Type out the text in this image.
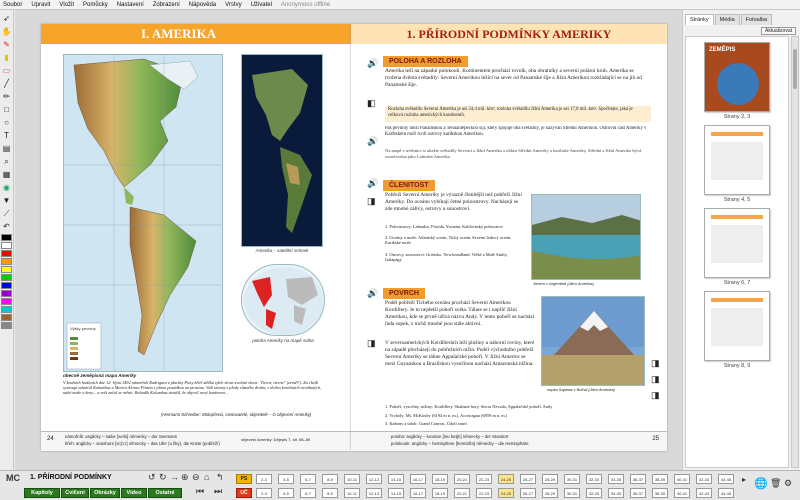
Soubor Upravit Vložit Pomůcky Nastavení Zobrazení Nápověda Vrstvy Uživatel Anonymous offline
➶
✋
✎
▮
▭
╱
✏
□
○
T
▤
⌕
▦
◉
▼
⟋
↶
I. AMERIKA
Výšky pevniny
Amerika – satelitní snímek
poloha Ameriky na mapě světa
obecně zeměpisná mapa Ameriky
V kruhách hodinách dne 12. října 1492 námořník Rodriguez z plachty Pinty křičí ztěžka tyhle slova zvolání slova: 'Tierra, tierra!' (země!!). Za chvíli vystoupí admirál Kolumbus a Martin Alonso Pinzón s plnou posádkou na pevninu. Vidí stromy s plody různého druhu, v těchto končinách nevídaných, nahé muže a ženy... a svět začal se měnit. Bohudík Kolumbus netušil, že objevil nový kontinent...
(Hermann Schreiber: Motopřevci, cestovatelé, objevitelé – O objevení Ameriky)
24	námořník: anglicky – sailor [seilə] německy – der Seemann
břeh: anglicky – seashore [si:ʃɔ:r] německy – das Ufer (u fiky), die Küste (pobřeží)
objevení Ameriky: Dějepis 7, str. 58–69
1. PŘÍRODNÍ PODMÍNKY AMERIKY
🔊
◧
🔊
🔊
◨
🔊
◨
◨
◨
◨
POLOHA A ROZLOHA
Amerika leží na západní polokouli. Kontinentem prochází rovník, oba obratníky a severní polární kruh. Amerika se tvořena dvěma světadíly: Severní Amerikou ležící na sever od Panamské šíje a Jižní Amerikou rozkládající se na jih od Panamské šíje.
Rozloha světadílu Severní Amerika je asi 24,4 mil. km², rozloha světadílu Jižní Amerika je asi 17,8 mil. km². Spočítejte, jaká je celková rozloha amerických kontinentů.
Pás pevniny mezi Panamskou a Tehuantepeckou šíjí, který spojuje oba světadíly, je nazýván Střední Amerikou. Ostrovní část Ameriky v Karibském moři tvoří ostrovy karibskou Amerikou.
Na mapě v učebnici si ukažte světadíly Severní a Jižní Amerika a oblast Střední Ameriky a karibské Ameriky. Střední a Jižní Amerika bývá označována jako Latinská Amerika.
ČLENITOST
Pobřeží Severní Ameriky je výrazně členitější než pobřeží Jižní Ameriky. Do oceánu vybíhají četné poloostrovy. Nacházejí se zde mnohé zálivy, ostrovy a souostroví.
1. Poloostrovy: Labrador, Florida, Yucatán, Kalifornský poloostrov
2. Oceány a moře: Atlantský oceán, Tichý oceán, Severní ledový oceán, Karibské moře
3. Ostrovy, souostroví: Grónsko, Newfoundland, Velké a Malé Antily, Galapágy
Jezero v Argentině (Jižní Amerika)
POVRCH
Podél pobřeží Tichého oceánu prochází Severní Amerikou Kordillery. Je to nejdelší pohoří světa. Táhne se i napříč Jižní Amerikou, kde se prvně užívá názvu Andy. V tento pohoří se nachází řada sopek, z nichž mnohé jsou stále aktivní.
sopka Sajama v Bolívii (Jižní Amerika)
V severoamerických Kordillerách leží plošiny a náhorní roviny, které na západě přecházejí do pobřežních nížin. Podél východního pobřeží Severní Ameriky se táhne Appalačské pohoří. V Jižní Americe se mezi Guyanskou a Brazilskou vysočinou nachází Amazonská nížina.
1. Pohoří, vysočiny, nížiny: Kordillery, Skalnaté hory, Sierra Nevada, Appalačské pohoří, Andy
2. Vrcholy: Mt. McKinley (6194 m n. m.), Aconcagua (6959 m n. m.)
3. Kaňony a údolí: Grand Canyon, Údolí smrti
poloha: anglicky – location [ləʊˈkeɪʃn] německy – der Standort
polokoule: anglicky – hemisphere [hemɪsfɪə] německy – die Hemisphäre
25
Stránky	Média	Fotoalba
Aktualizovat
ZEMĚPIS
Strany 2, 3
Strany 4, 5
Strany 6, 7
Strany 8, 9
MC 1. PŘÍRODNÍ PODMÍNKY	↺ ↻ → ⊕ ⊖ ⌂ ↰
Kapitoly	Cvičení	Obrázky	Video	Ostatní	⏮ ⏭
PS
UČ
2-3	4-5	6-7	8-9	10-11	12-13	14-15	16-17	18-19	20-21	22-23	24-25	26-27	28-29	30-31	32-33	34-35	36-37	38-39	40-41	42-43	44-45
2-3	4-5	6-7	8-9	10-11	12-13	14-15	16-17	18-19	20-21	22-23	24-25	26-27	28-29	30-31	32-33	34-35	36-37	38-39	40-41	42-43	44-45
▸ 🌐 🗑 ⚙
